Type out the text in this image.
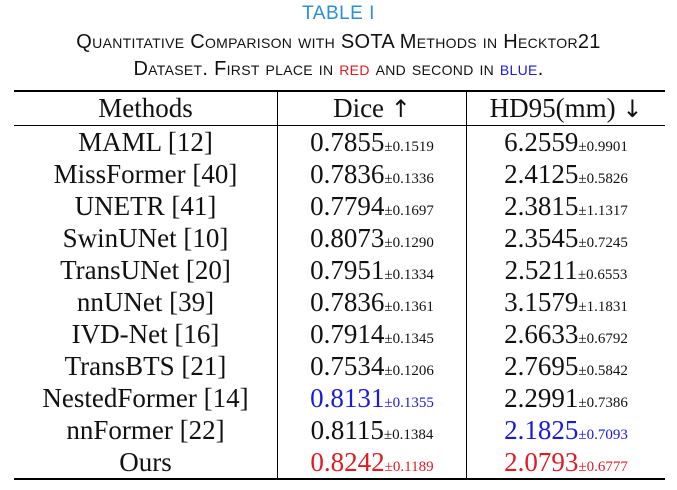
TABLE I
Quantitative Comparison with SOTA Methods in Hecktor21
Dataset. First place in red and second in blue.
Methods	Dice ↑	HD95(mm) ↓
MAML [12]	0.7855±0.1519	6.2559±0.9901
MissFormer [40]	0.7836±0.1336	2.4125±0.5826
UNETR [41]	0.7794±0.1697	2.3815±1.1317
SwinUNet [10]	0.8073±0.1290	2.3545±0.7245
TransUNet [20]	0.7951±0.1334	2.5211±0.6553
nnUNet [39]	0.7836±0.1361	3.1579±1.1831
IVD-Net [16]	0.7914±0.1345	2.6633±0.6792
TransBTS [21]	0.7534±0.1206	2.7695±0.5842
NestedFormer [14]	0.8131±0.1355	2.2991±0.7386
nnFormer [22]	0.8115±0.1384	2.1825±0.7093
Ours	0.8242±0.1189	2.0793±0.6777
